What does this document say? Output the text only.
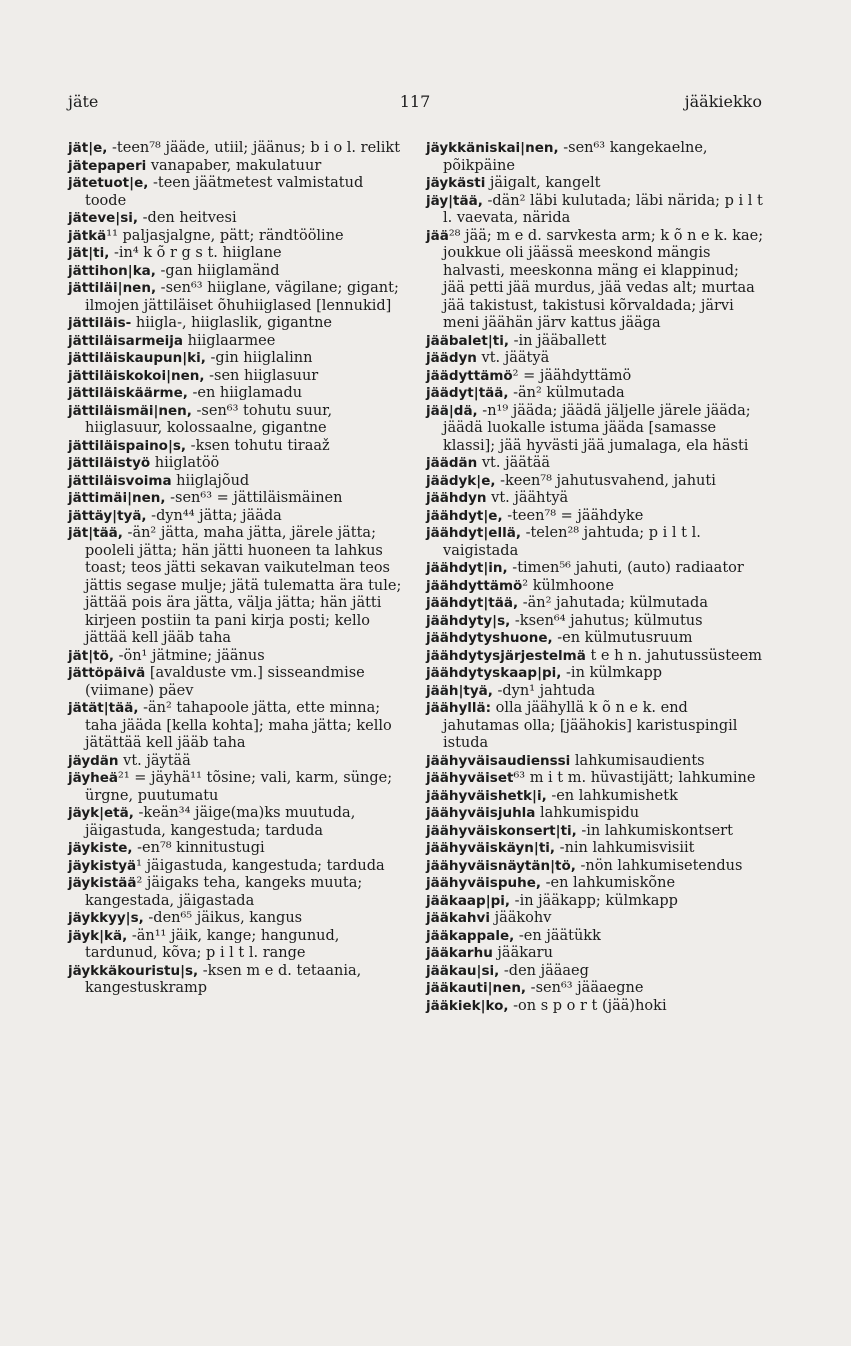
jäte	117	jääkiekko

jät|e, -teen⁷⁸ jääde, utiil; jäänus; b i o l. relikt

jätepaperi vanapaber, makulatuur

jätetuot|e, -teen jäätmetest valmistatud toode

jäteve|si, -den heitvesi

jätkä¹¹ paljasjalgne, pätt; rändtööline

jät|ti, -in⁴ k õ r g s t. hiiglane

jättihon|ka, -gan hiiglamänd

jättiläi|nen, -sen⁶³ hiiglane, vägilane; gigant; ilmojen jättiläiset õhuhiiglased [lennukid]

jättiläis- hiigla-, hiiglaslik, gigantne

jättiläisarmeija hiiglaarmee

jättiläiskaupun|ki, -gin hiiglalinn

jättiläiskokoi|nen, -sen hiiglasuur

jättiläiskäärme, -en hiiglamadu

jättiläismäi|nen, -sen⁶³ tohutu suur, hiiglasuur, kolossaalne, gigantne

jättiläispaino|s, -ksen tohutu tiraaž

jättiläistyö hiiglatöö

jättiläisvoima hiiglajõud

jättimäi|nen, -sen⁶³ = jättiläismäinen

jättäy|tyä, -dyn⁴⁴ jätta; jääda

jät|tää, -än² jätta, maha jätta, järele jätta; pooleli jätta; hän jätti huoneen ta lahkus toast; teos jätti sekavan vaikutelman teos jättis segase mulje; jätä tulematta ära tule; jättää pois ära jätta, välja jätta; hän jätti kirjeen postiin ta pani kirja posti; kello jättää kell jääb taha

jät|tö, -ön¹ jätmine; jäänus

jättöpäivä [avalduste vm.] sisseandmise (viimane) päev

jätät|tää, -än² tahapoole jätta, ette minna; taha jääda [kella kohta]; maha jätta; kello jätättää kell jääb taha

jäydän vt. jäytää

jäyheä²¹ = jäyhä¹¹ tõsine; vali, karm, sünge; ürgne, puutumatu

jäyk|etä, -keän³⁴ jäige(ma)ks muutuda, jäigastuda, kangestuda; tarduda

jäykiste, -en⁷⁸ kinnitustugi

jäykistyä¹ jäigastuda, kangestuda; tarduda

jäykistää² jäigaks teha, kangeks muuta; kangestada, jäigastada

jäykkyy|s, -den⁶⁵ jäikus, kangus

jäyk|kä, -än¹¹ jäik, kange; hangunud, tardunud, kõva; p i l t l. range

jäykkäkouristu|s, -ksen m e d. tetaania, kangestuskramp

jäykkäniskai|nen, -sen⁶³ kangekaelne, põikpäine

jäykästi jäigalt, kangelt

jäy|tää, -dän² läbi kulutada; läbi närida; p i l t l. vaevata, närida

jää²⁸ jää; m e d. sarvkesta arm; k õ n e k. kae; joukkue oli jäässä meeskond mängis halvasti, meeskonna mäng ei klappinud; jää petti jää murdus, jää vedas alt; murtaa jää takistust, takistusi kõrvaldada; järvi meni jäähän järv kattus jääga

jääbalet|ti, -in jääballett

jäädyn vt. jäätyä

jäädyttämö² = jäähdyttämö

jäädyt|tää, -än² külmutada

jää|dä, -n¹⁹ jääda; jäädä jäljelle järele jääda; jäädä luokalle istuma jääda [samasse klassi]; jää hyvästi jää jumalaga, ela hästi

jäädän vt. jäätää

jäädyk|e, -keen⁷⁸ jahutusvahend, jahuti

jäähdyn vt. jäähtyä

jäähdyt|e, -teen⁷⁸ = jäähdyke

jäähdyt|ellä, -telen²⁸ jahtuda; p i l t l. vaigistada

jäähdyt|in, -timen⁵⁶ jahuti, (auto) radiaator

jäähdyttämö² külmhoone

jäähdyt|tää, -än² jahutada; külmutada

jäähdyty|s, -ksen⁶⁴ jahutus; külmutus

jäähdytyshuone, -en külmutusruum

jäähdytysjärjestelmä t e h n. jahutussüsteem

jäähdytyskaap|pi, -in külmkapp

jääh|tyä, -dyn¹ jahtuda

jäähyllä: olla jäähyllä k õ n e k. end jahutamas olla; [jäähokis] karistuspingil istuda

jäähyväisaudienssi lahkumisaudients

jäähyväiset⁶³ m i t m. hüvastijätt; lahkumine

jäähyväishetk|i, -en lahkumishetk

jäähyväisjuhla lahkumispidu

jäähyväiskonsert|ti, -in lahkumiskontsert

jäähyväiskäyn|ti, -nin lahkumisvisiit

jäähyväisnäytän|tö, -nön lahkumisetendus

jäähyväispuhe, -en lahkumiskõne

jääkaap|pi, -in jääkapp; külmkapp

jääkahvi jääkohv

jääkappale, -en jäätükk

jääkarhu jääkaru

jääkau|si, -den jääaeg

jääkauti|nen, -sen⁶³ jääaegne

jääkiek|ko, -on s p o r t (jää)hoki
